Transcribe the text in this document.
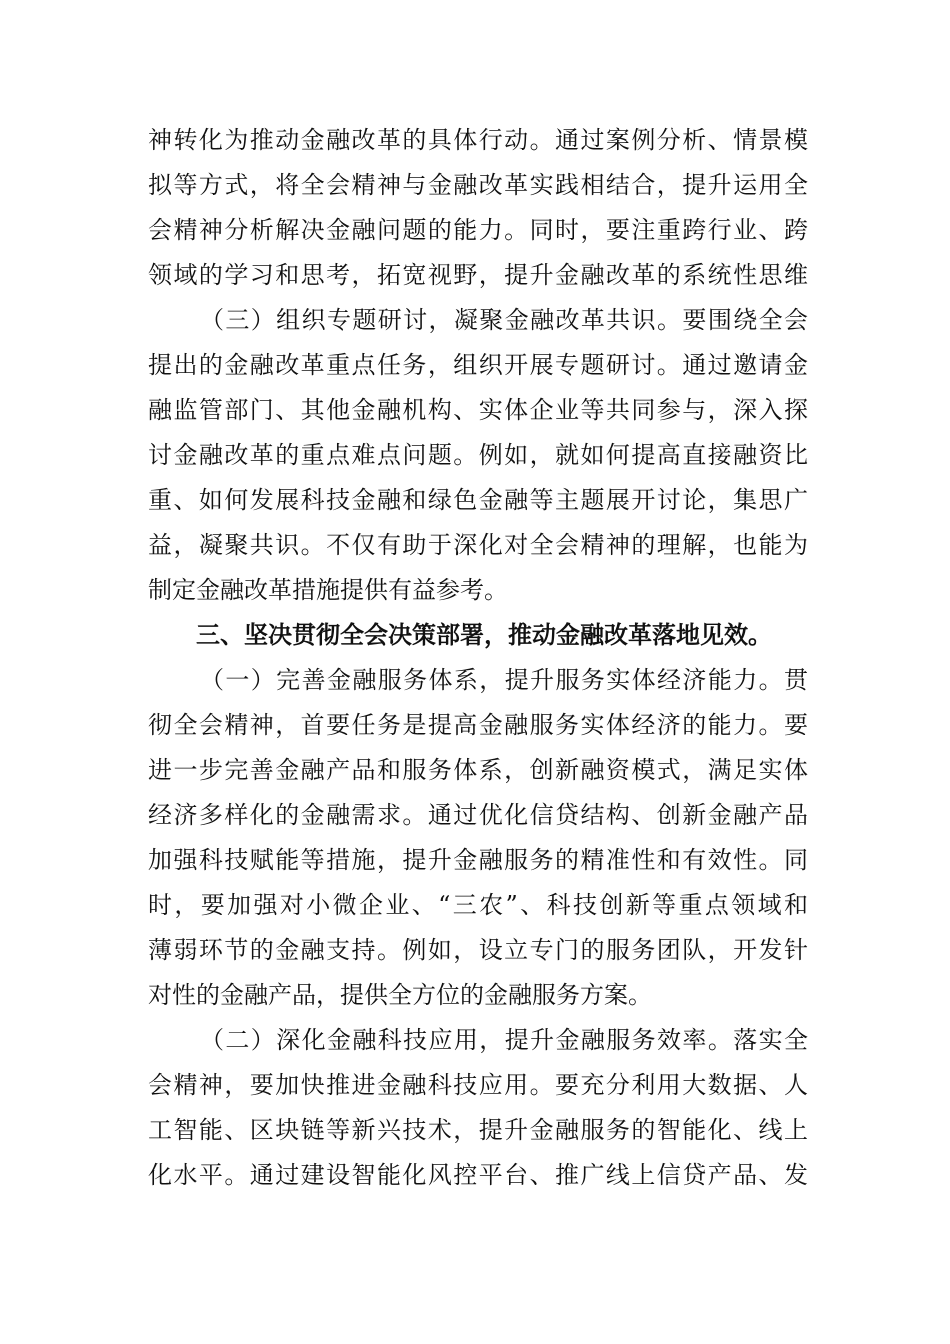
神转化为推动金融改革的具体行动。通过案例分析、情景模
拟等方式，将全会精神与金融改革实践相结合，提升运用全
会精神分析解决金融问题的能力。同时，要注重跨行业、跨
领域的学习和思考，拓宽视野，提升金融改革的系统性思维
（三）组织专题研讨，凝聚金融改革共识。要围绕全会
提出的金融改革重点任务，组织开展专题研讨。通过邀请金
融监管部门、其他金融机构、实体企业等共同参与，深入探
讨金融改革的重点难点问题。例如，就如何提高直接融资比
重、如何发展科技金融和绿色金融等主题展开讨论，集思广
益，凝聚共识。不仅有助于深化对全会精神的理解，也能为
制定金融改革措施提供有益参考。
三、坚决贯彻全会决策部署，推动金融改革落地见效。
（一）完善金融服务体系，提升服务实体经济能力。贯
彻全会精神，首要任务是提高金融服务实体经济的能力。要
进一步完善金融产品和服务体系，创新融资模式，满足实体
经济多样化的金融需求。通过优化信贷结构、创新金融产品
加强科技赋能等措施，提升金融服务的精准性和有效性。同
时，要加强对小微企业、“三农”、科技创新等重点领域和
薄弱环节的金融支持。例如，设立专门的服务团队，开发针
对性的金融产品，提供全方位的金融服务方案。
（二）深化金融科技应用，提升金融服务效率。落实全
会精神，要加快推进金融科技应用。要充分利用大数据、人
工智能、区块链等新兴技术，提升金融服务的智能化、线上
化水平。通过建设智能化风控平台、推广线上信贷产品、发
